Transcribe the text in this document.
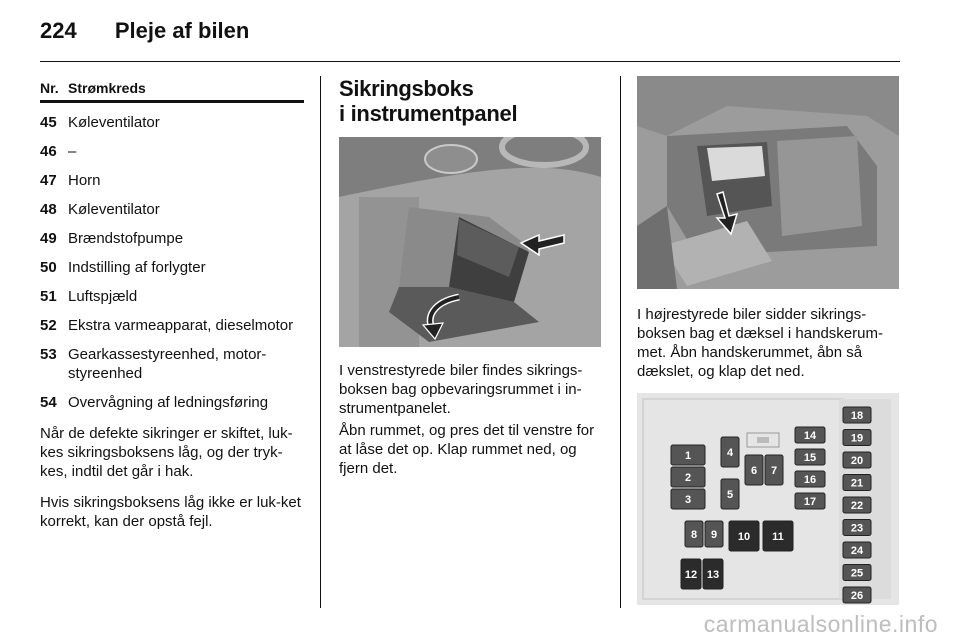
224 Pleje af bilen
Nr. Strømkreds
45 Køleventilator
46 –
47 Horn
48 Køleventilator
49 Brændstofpumpe
50 Indstilling af forlygter
51 Luftspjæld
52 Ekstra varmeapparat, dieselmotor
53 Gearkassestyreenhed, motor-styreenhed
54 Overvågning af ledningsføring
Når de defekte sikringer er skiftet, luk-kes sikringsboksens låg, og der tryk-kes, indtil det går i hak.
Hvis sikringsboksens låg ikke er luk-ket korrekt, kan der opstå fejl.
Sikringsboks
i instrumentpanel
I venstrestyrede biler findes sikrings-boksen bag opbevaringsrummet i in-strumentpanelet.
Åbn rummet, og pres det til venstre for at låse det op. Klap rummet ned, og fjern det.
I højrestyrede biler sidder sikrings-boksen bag et dæksel i handskerum-met. Åbn handskerummet, åbn så dækslet, og klap det ned.
1
2
3
4
5
6 7
8 9 10 11
12 13
14
15
16
17
18
19
20
21
22
23
24
25
26
carmanualsonline.info
